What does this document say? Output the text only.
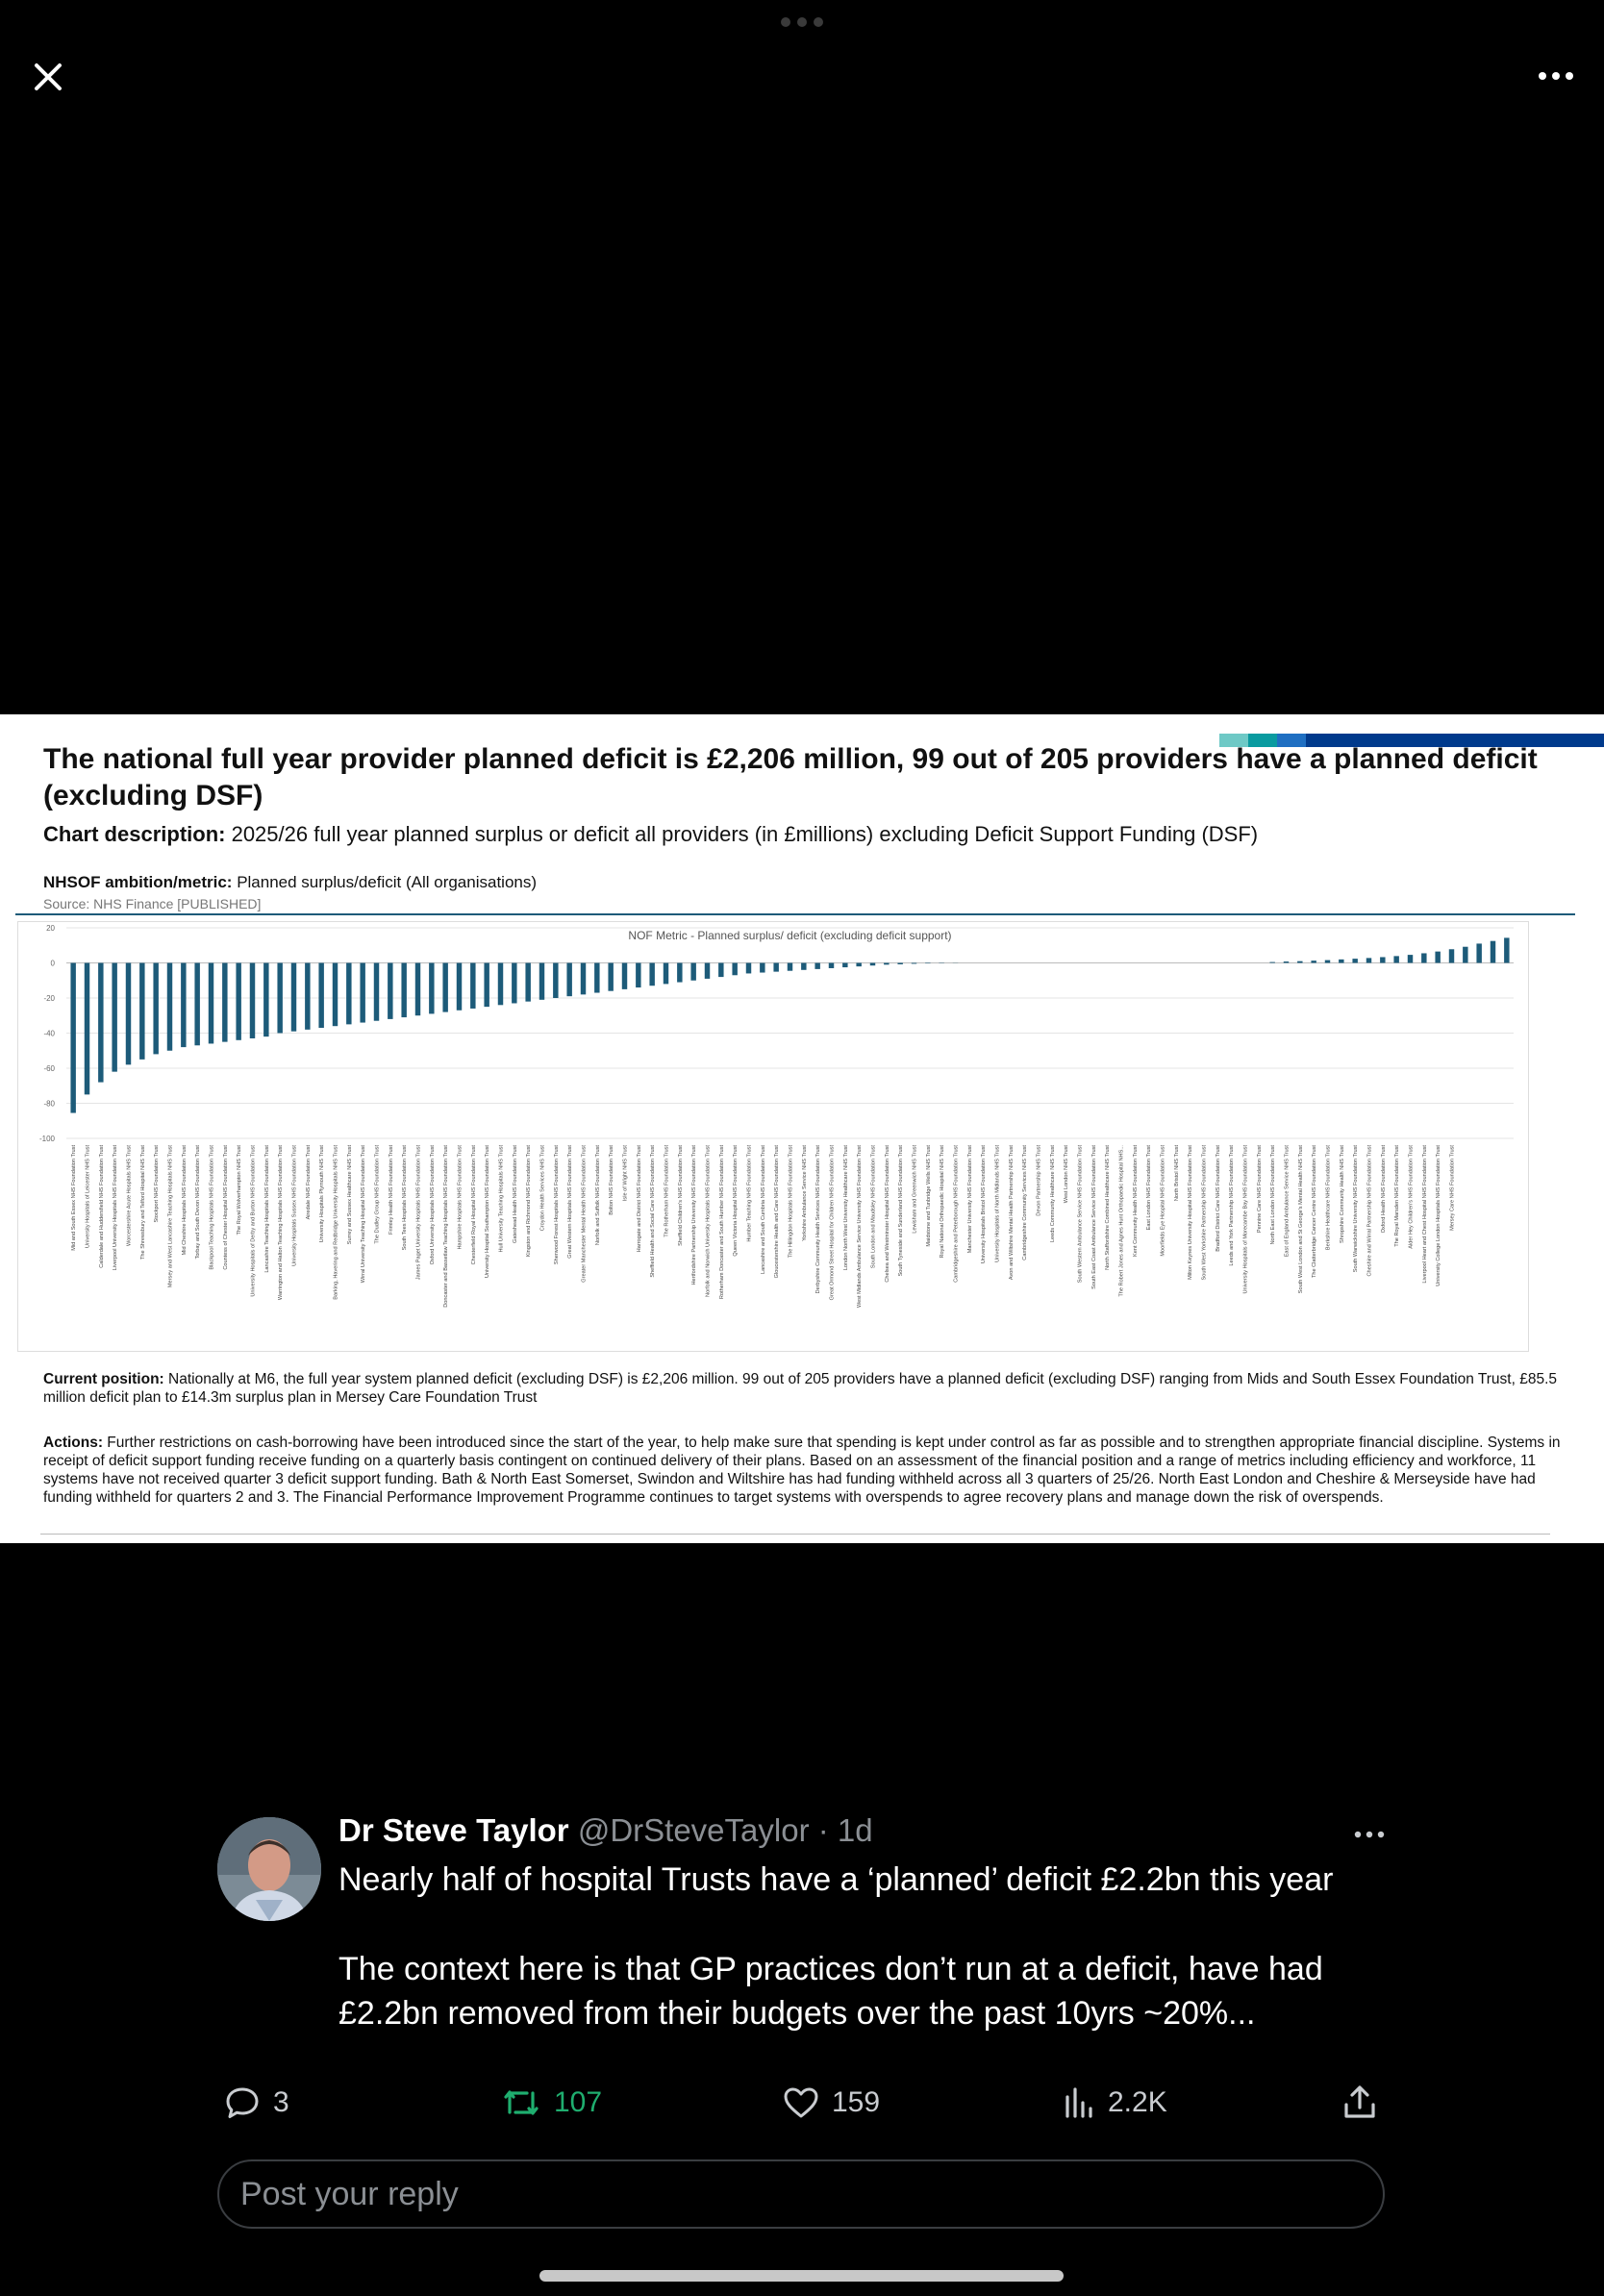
The national full year provider planned deficit is £2,206 million, 99 out of 205 providers have a planned deficit (excluding DSF)
Chart description: 2025/26 full year planned surplus or deficit all providers (in £millions) excluding Deficit Support Funding (DSF)
NHSOF ambition/metric: Planned surplus/deficit (All organisations)
Source: NHS Finance [PUBLISHED]
NOF Metric - Planned surplus/ deficit (excluding deficit support)
20
0
-20
-40
-60
-80
-100
Mid and South Essex NHS Foundation Trust University Hospitals of Leicester NHS Trust Calderdale and Huddersfield NHS Foundation Trust Liverpool University Hospitals NHS Foundation Trust Worcestershire Acute Hospitals NHS Trust The Shrewsbury and Telford Hospital NHS Trust Stockport NHS Foundation Trust Mersey and West Lancashire Teaching Hospitals NHS Trust Mid Cheshire Hospitals NHS Foundation Trust Torbay and South Devon NHS Foundation Trust Blackpool Teaching Hospitals NHS Foundation Trust Countess of Chester Hospital NHS Foundation Trust The Royal Wolverhampton NHS Trust University Hospitals of Derby and Burton NHS Foundation Trust Lancashire Teaching Hospitals NHS Foundation Trust Warrington and Halton Teaching Hospitals NHS Foundation Trust University Hospitals Sussex NHS Foundation Trust Airedale NHS Foundation Trust University Hospitals Plymouth NHS Trust Barking, Havering and Redbridge University Hospitals NHS Trust Surrey and Sussex Healthcare NHS Trust Wirral University Teaching Hospital NHS Foundation Trust The Dudley Group NHS Foundation Trust Frimley Health NHS Foundation Trust South Tees Hospitals NHS Foundation Trust James Paget University Hospitals NHS Foundation Trust Oxford University Hospitals NHS Foundation Trust Doncaster and Bassetlaw Teaching Hospitals NHS Foundation Trust Hampshire Hospitals NHS Foundation Trust Chesterfield Royal Hospital NHS Foundation Trust University Hospital Southampton NHS Foundation Trust Hull University Teaching Hospitals NHS Trust Gateshead Health NHS Foundation Trust Kingston and Richmond NHS Foundation Trust Croydon Health Services NHS Trust Sherwood Forest Hospitals NHS Foundation Trust Great Western Hospitals NHS Foundation Trust Greater Manchester Mental Health NHS Foundation Trust Norfolk and Suffolk NHS Foundation Trust Bolton NHS Foundation Trust Isle of Wight NHS Trust Harrogate and District NHS Foundation Trust Sheffield Health and Social Care NHS Foundation Trust The Rotherham NHS Foundation Trust Sheffield Children's NHS Foundation Trust Hertfordshire Partnership University NHS Foundation Trust Norfolk and Norwich University Hospitals NHS Foundation Trust Rotherham Doncaster and South Humber NHS Foundation Trust Queen Victoria Hospital NHS Foundation Trust Humber Teaching NHS Foundation Trust Lancashire and South Cumbria NHS Foundation Trust Gloucestershire Health and Care NHS Foundation Trust The Hillingdon Hospitals NHS Foundation Trust Yorkshire Ambulance Service NHS Trust Derbyshire Community Health Services NHS Foundation Trust Great Ormond Street Hospital for Children NHS Foundation Trust London North West University Healthcare NHS Trust West Midlands Ambulance Service University NHS Foundation Trust South London and Maudsley NHS Foundation Trust Chelsea and Westminster Hospital NHS Foundation Trust South Tyneside and Sunderland NHS Foundation Trust Lewisham and Greenwich NHS Trust Maidstone and Tunbridge Wells NHS Trust Royal National Orthopaedic Hospital NHS Trust Cambridgeshire and Peterborough NHS Foundation Trust Manchester University NHS Foundation Trust University Hospitals Bristol NHS Foundation Trust University Hospitals of North Midlands NHS Trust Avon and Wiltshire Mental Health Partnership NHS Trust Cambridgeshire Community Services NHS Trust Devon Partnership NHS Trust Leeds Community Healthcare NHS Trust West London NHS Trust South Western Ambulance Service NHS Foundation Trust South East Coast Ambulance Service NHS Foundation Trust North Staffordshire Combined Healthcare NHS Trust The Robert Jones and Agnes Hunt Orthopaedic Hospital NHS... Kent Community Health NHS Foundation Trust East London NHS Foundation Trust Moorfields Eye Hospital NHS Foundation Trust North Bristol NHS Trust Milton Keynes University Hospital NHS Foundation Trust South West Yorkshire Partnership NHS Foundation Trust Bradford District Care NHS Foundation Trust Leeds and York Partnership NHS Foundation Trust University Hospitals of Morecambe Bay NHS Foundation Trust Pennine Care NHS Foundation Trust North East London NHS Foundation Trust East of England Ambulance Service NHS Trust South West London and St George's Mental Health NHS Trust The Clatterbridge Cancer Centre NHS Foundation Trust Berkshire Healthcare NHS Foundation Trust Shropshire Community Health NHS Trust South Warwickshire University NHS Foundation Trust Cheshire and Wirral Partnership NHS Foundation Trust Oxford Health NHS Foundation Trust The Royal Marsden NHS Foundation Trust Alder Hey Children's NHS Foundation Trust Liverpool Heart and Chest Hospital NHS Foundation Trust University College London Hospitals NHS Foundation Trust Mersey Care NHS Foundation Trust
Current position: Nationally at M6, the full year system planned deficit (excluding DSF) is £2,206 million. 99 out of 205 providers have a planned deficit (excluding DSF) ranging from Mids and South Essex Foundation Trust, £85.5 million deficit plan to £14.3m surplus plan in Mersey Care Foundation Trust
Actions: Further restrictions on cash-borrowing have been introduced since the start of the year, to help make sure that spending is kept under control as far as possible and to strengthen appropriate financial discipline. Systems in receipt of deficit support funding receive funding on a quarterly basis contingent on continued delivery of their plans. Based on an assessment of the financial position and a range of metrics including efficiency and workforce, 11 systems have not received quarter 3 deficit support funding. Bath & North East Somerset, Swindon and Wiltshire has had funding withheld across all 3 quarters of 25/26. North East London and Cheshire & Merseyside have had funding withheld for quarters 2 and 3. The Financial Performance Improvement Programme continues to target systems with overspends to agree recovery plans and manage down the risk of overspends.
Dr Steve Taylor @DrSteveTaylor · 1d

Nearly half of hospital Trusts have a ‘planned’ deficit £2.2bn this year

The context here is that GP practices don’t run at a deficit, have had £2.2bn removed from their budgets over the past 10yrs ~20%...

3	107	159	2.2K
Post your reply
